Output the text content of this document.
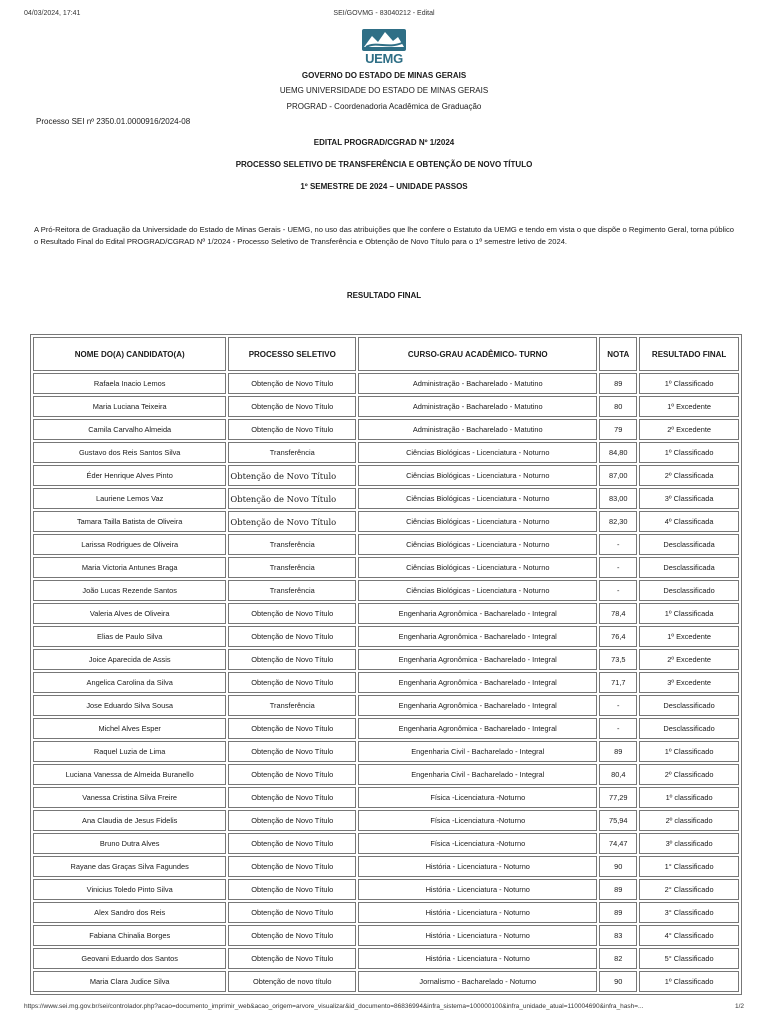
04/03/2024, 17:41	SEI/GOVMG - 83040212 - Edital
UEMG
GOVERNO DO ESTADO DE MINAS GERAIS
UEMG UNIVERSIDADE DO ESTADO DE MINAS GERAIS
PROGRAD - Coordenadoria Acadêmica de Graduação
Processo SEI nº 2350.01.0000916/2024-08
EDITAL PROGRAD/CGRAD Nº 1/2024
PROCESSO SELETIVO DE TRANSFERÊNCIA E OBTENÇÃO DE NOVO TÍTULO
1º SEMESTRE DE 2024 – UNIDADE PASSOS
A Pró-Reitora de Graduação da Universidade do Estado de Minas Gerais - UEMG, no uso das atribuições que lhe confere o Estatuto da UEMG e tendo em vista o que dispõe o Regimento Geral, torna público o Resultado Final do Edital PROGRAD/CGRAD Nº 1/2024 - Processo Seletivo de Transferência e Obtenção de Novo Título para o 1º semestre letivo de 2024.
RESULTADO FINAL
NOME DO(A) CANDIDATO(A)	PROCESSO SELETIVO	CURSO-GRAU ACADÊMICO- TURNO	NOTA	RESULTADO FINAL
Rafaela Inacio Lemos	Obtenção de Novo Título	Administração - Bacharelado - Matutino	89	1º Classificado
Maria Luciana Teixeira	Obtenção de Novo Título	Administração - Bacharelado - Matutino	80	1º Excedente
Camila Carvalho Almeida	Obtenção de Novo Título	Administração - Bacharelado - Matutino	79	2º Excedente
Gustavo dos Reis Santos Silva	Transferência	Ciências Biológicas - Licenciatura - Noturno	84,80	1º Classificado
Éder Henrique Alves Pinto	Obtenção de Novo Título	Ciências Biológicas - Licenciatura - Noturno	87,00	2º Classificada
Lauriene Lemos Vaz	Obtenção de Novo Título	Ciências Biológicas - Licenciatura - Noturno	83,00	3º Classificada
Tamara Tailla Batista de Oliveira	Obtenção de Novo Título	Ciências Biológicas - Licenciatura - Noturno	82,30	4º Classificada
Larissa Rodrigues de Oliveira	Transferência	Ciências Biológicas - Licenciatura - Noturno	-	Desclassificada
Maria Victoria Antunes Braga	Transferência	Ciências Biológicas - Licenciatura - Noturno	-	Desclassificada
João Lucas Rezende Santos	Transferência	Ciências Biológicas - Licenciatura - Noturno	-	Desclassificado
Valeria Alves de Oliveira	Obtenção de Novo Título	Engenharia Agronômica - Bacharelado - Integral	78,4	1º Classificada
Elias de Paulo Silva	Obtenção de Novo Título	Engenharia Agronômica - Bacharelado - Integral	76,4	1º Excedente
Joice Aparecida de Assis	Obtenção de Novo Título	Engenharia Agronômica - Bacharelado - Integral	73,5	2º Excedente
Angelica Carolina da Silva	Obtenção de Novo Título	Engenharia Agronômica - Bacharelado - Integral	71,7	3º Excedente
Jose Eduardo Silva Sousa	Transferência	Engenharia Agronômica - Bacharelado - Integral	-	Desclassificado
Michel Alves Esper	Obtenção de Novo Título	Engenharia Agronômica - Bacharelado - Integral	-	Desclassificado
Raquel Luzia de Lima	Obtenção de Novo Título	Engenharia Civil - Bacharelado - Integral	89	1º Classificado
Luciana Vanessa de Almeida Buranello	Obtenção de Novo Título	Engenharia Civil - Bacharelado - Integral	80,4	2º Classificado
Vanessa Cristina Silva Freire	Obtenção de Novo Título	Física -Licenciatura -Noturno	77,29	1º classificado
Ana Claudia de Jesus Fidelis	Obtenção de Novo Título	Física -Licenciatura -Noturno	75,94	2º classificado
Bruno Dutra Alves	Obtenção de Novo Título	Física -Licenciatura -Noturno	74,47	3º classificado
Rayane das Graças Silva Fagundes	Obtenção de Novo Título	História - Licenciatura - Noturno	90	1° Classificado
Vinicius Toledo Pinto Silva	Obtenção de Novo Título	História - Licenciatura - Noturno	89	2° Classificado
Alex Sandro dos Reis	Obtenção de Novo Título	História - Licenciatura - Noturno	89	3° Classificado
Fabiana Chinalia Borges	Obtenção de Novo Título	História - Licenciatura - Noturno	83	4° Classificado
Geovani Eduardo dos Santos	Obtenção de Novo Título	História - Licenciatura - Noturno	82	5° Classificado
Maria Clara Judice Silva	Obtenção de novo título	Jornalismo - Bacharelado - Noturno	90	1º Classificado
https://www.sei.mg.gov.br/sei/controlador.php?acao=documento_imprimir_web&acao_origem=arvore_visualizar&id_documento=86836994&infra_sistema=100000100&infra_unidade_atual=110004690&infra_hash=...	1/2
